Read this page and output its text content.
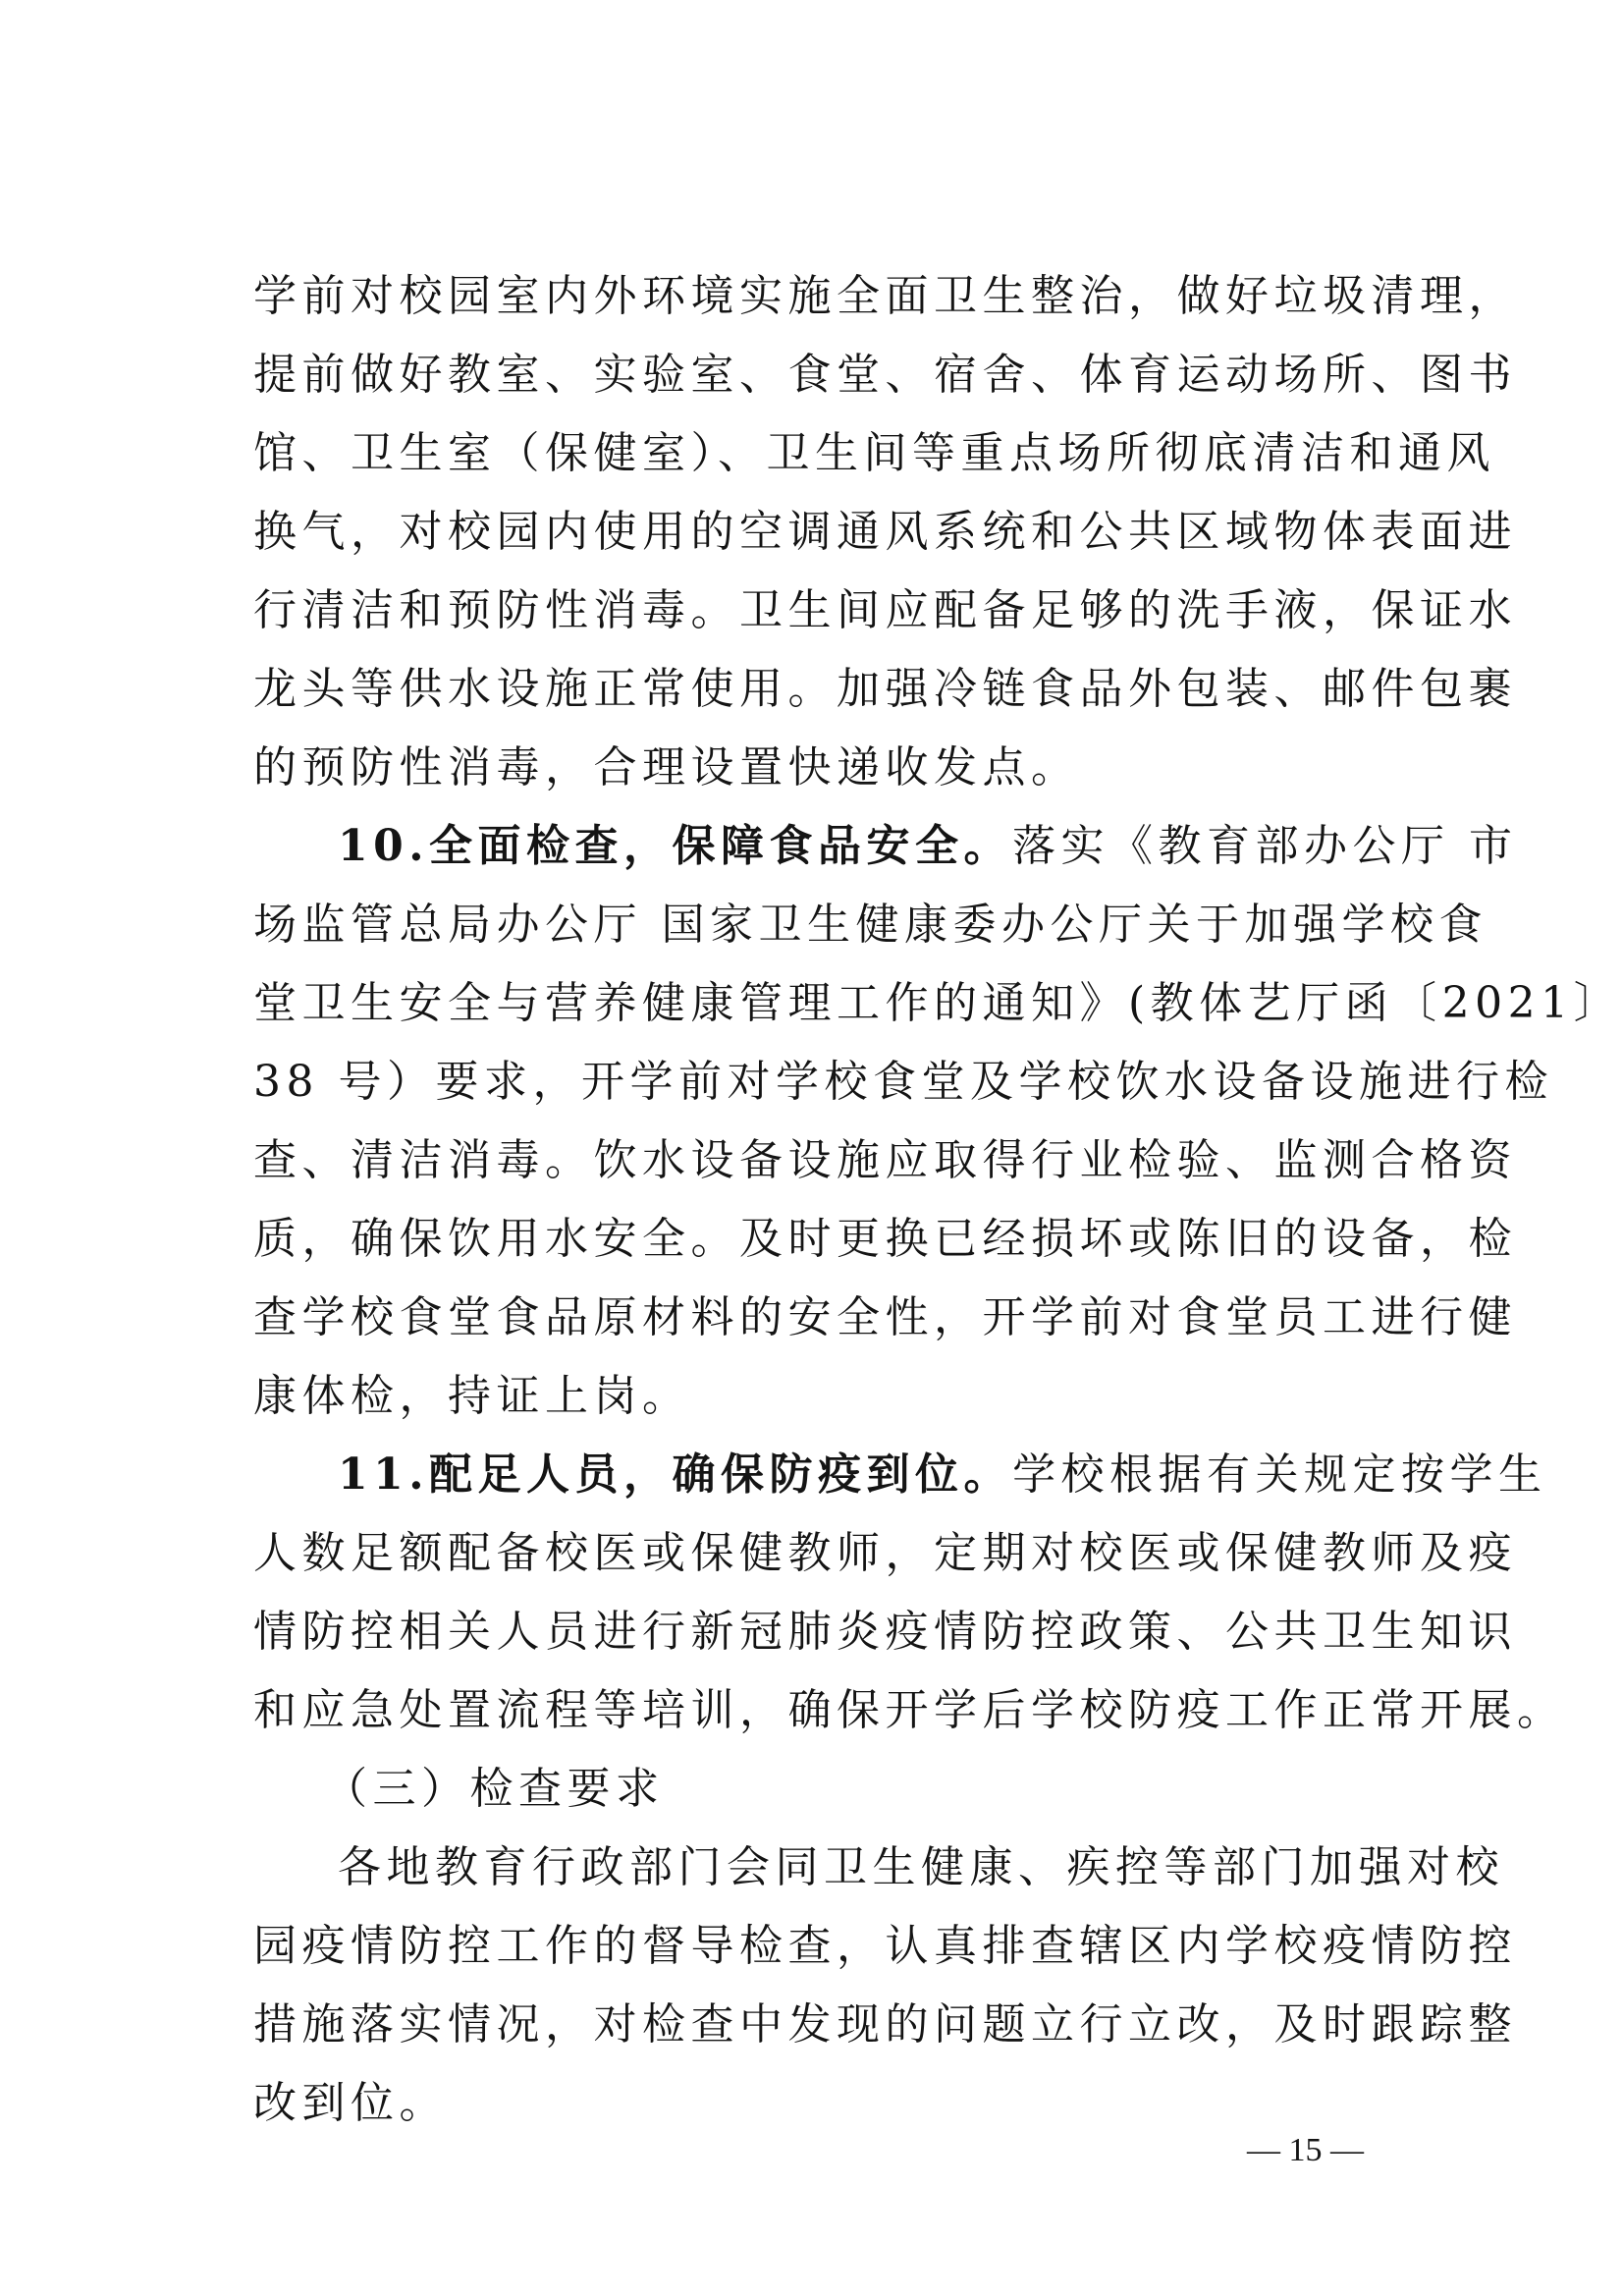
学前对校园室内外环境实施全面卫生整治，做好垃圾清理，
提前做好教室、实验室、食堂、宿舍、体育运动场所、图书
馆、卫生室（保健室）、卫生间等重点场所彻底清洁和通风
换气，对校园内使用的空调通风系统和公共区域物体表面进
行清洁和预防性消毒。卫生间应配备足够的洗手液，保证水
龙头等供水设施正常使用。加强冷链食品外包装、邮件包裹
的预防性消毒，合理设置快递收发点。
10.全面检查，保障食品安全。落实《教育部办公厅 市
场监管总局办公厅 国家卫生健康委办公厅关于加强学校食
堂卫生安全与营养健康管理工作的通知》(教体艺厅函〔2021〕
38 号）要求，开学前对学校食堂及学校饮水设备设施进行检
查、清洁消毒。饮水设备设施应取得行业检验、监测合格资
质，确保饮用水安全。及时更换已经损坏或陈旧的设备，检
查学校食堂食品原材料的安全性，开学前对食堂员工进行健
康体检，持证上岗。
11.配足人员，确保防疫到位。学校根据有关规定按学生
人数足额配备校医或保健教师，定期对校医或保健教师及疫
情防控相关人员进行新冠肺炎疫情防控政策、公共卫生知识
和应急处置流程等培训，确保开学后学校防疫工作正常开展。
（三）检查要求
各地教育行政部门会同卫生健康、疾控等部门加强对校
园疫情防控工作的督导检查，认真排查辖区内学校疫情防控
措施落实情况，对检查中发现的问题立行立改，及时跟踪整
改到位。
— 15 —
